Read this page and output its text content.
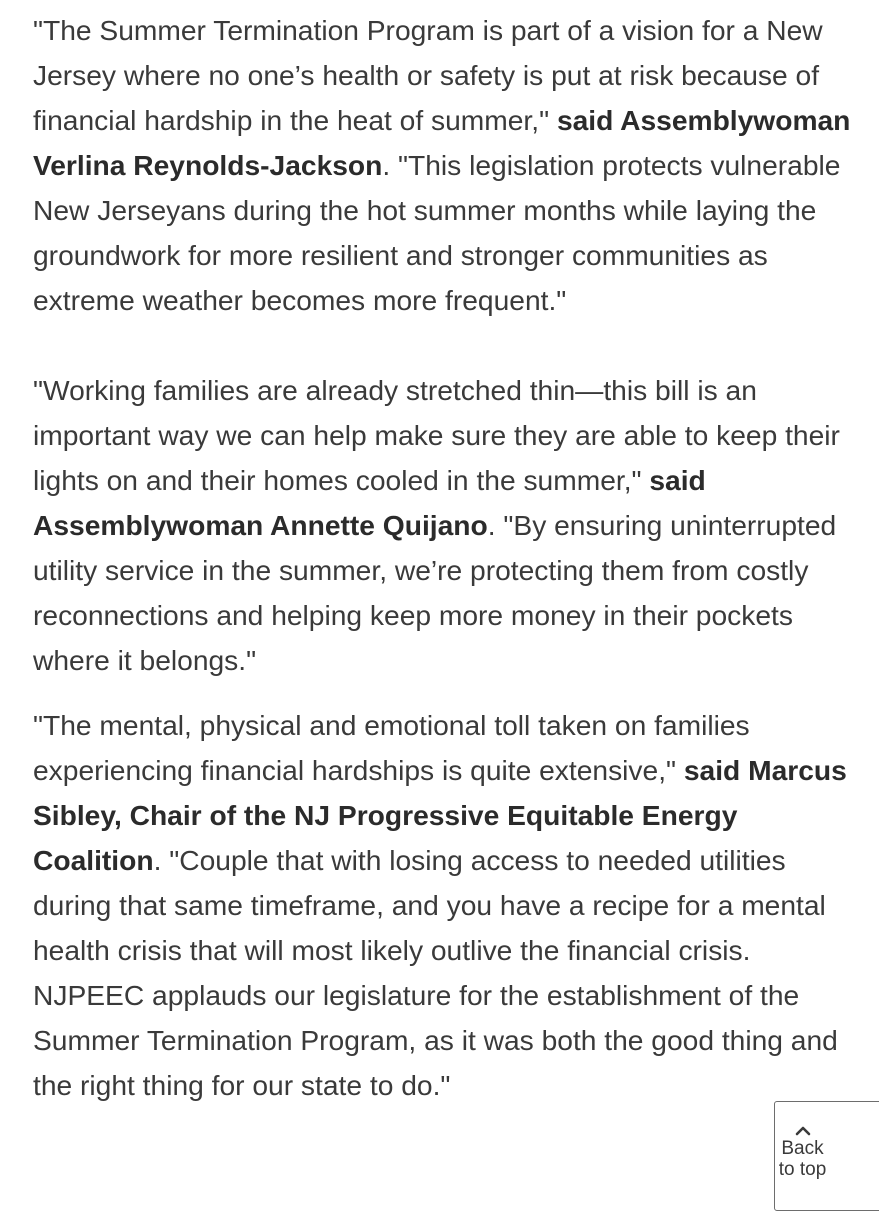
"The Summer Termination Program is part of a vision for a New Jersey where no one’s health or safety is put at risk because of financial hardship in the heat of summer," said Assemblywoman Verlina Reynolds-Jackson. "This legislation protects vulnerable New Jerseyans during the hot summer months while laying the groundwork for more resilient and stronger communities as extreme weather becomes more frequent."

"Working families are already stretched thin—this bill is an important way we can help make sure they are able to keep their lights on and their homes cooled in the summer," said Assemblywoman Annette Quijano. "By ensuring uninterrupted utility service in the summer, we’re protecting them from costly reconnections and helping keep more money in their pockets where it belongs."

"The mental, physical and emotional toll taken on families experiencing financial hardships is quite extensive," said Marcus Sibley, Chair of the NJ Progressive Equitable Energy Coalition. "Couple that with losing access to needed utilities during that same timeframe, and you have a recipe for a mental health crisis that will most likely outlive the financial crisis. NJPEEC applauds our legislature for the establishment of the Summer Termination Program, as it was both the good thing and the right thing for our state to do."

Back
to top
